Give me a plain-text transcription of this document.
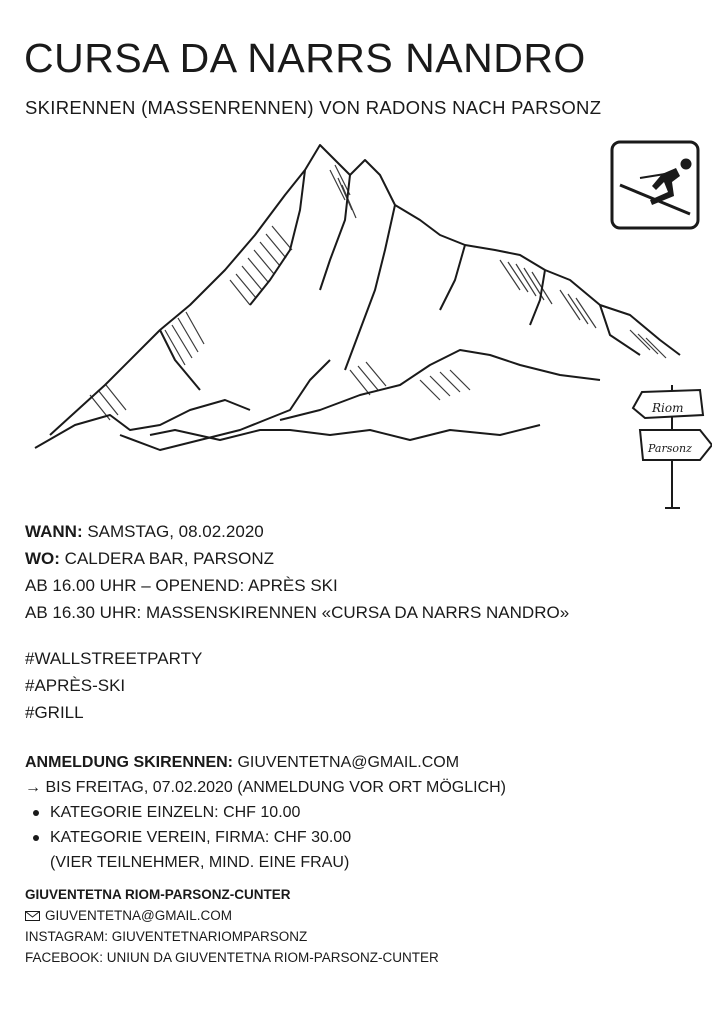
CURSA DA NARRS NANDRO
SKIRENNEN (MASSENRENNEN) VON RADONS NACH PARSONZ
Riom
Parsonz
WANN: SAMSTAG, 08.02.2020
WO: CALDERA BAR, PARSONZ
AB 16.00 UHR – OPENEND: APRÈS SKI
AB 16.30 UHR: MASSENSKIRENNEN «CURSA DA NARRS NANDRO»
#WALLSTREETPARTY
#APRÈS-SKI
#GRILL
ANMELDUNG SKIRENNEN: GIUVENTETNA@GMAIL.COM
→ BIS FREITAG, 07.02.2020 (ANMELDUNG VOR ORT MÖGLICH)
KATEGORIE EINZELN: CHF 10.00
KATEGORIE VEREIN, FIRMA: CHF 30.00
(VIER TEILNEHMER, MIND. EINE FRAU)
GIUVENTETNA RIOM-PARSONZ-CUNTER
GIUVENTETNA@GMAIL.COM
INSTAGRAM: GIUVENTETNARIOMPARSONZ
FACEBOOK: UNIUN DA GIUVENTETNA RIOM-PARSONZ-CUNTER
